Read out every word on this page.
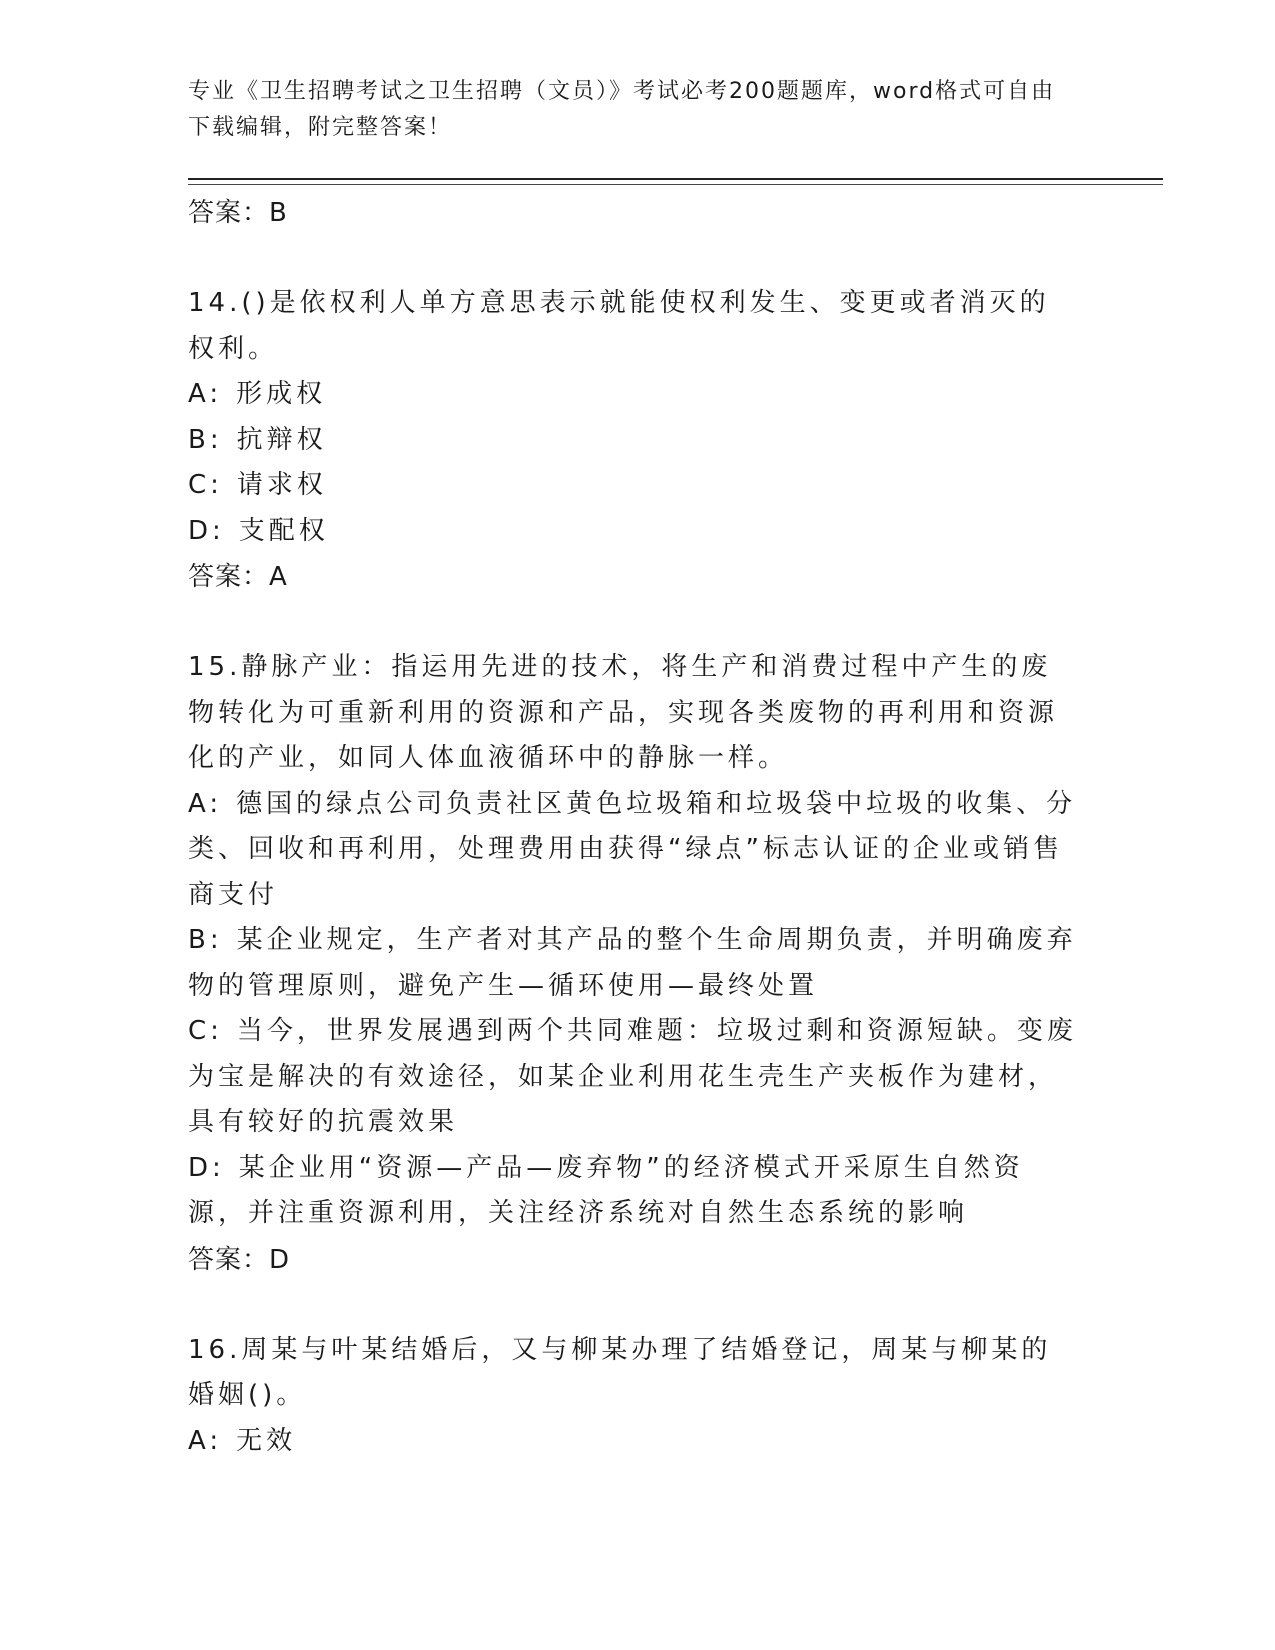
专业《卫生招聘考试之卫生招聘（文员）》考试必考200题题库，word格式可自由下载编辑，附完整答案！

答案：B

14.()是依权利人单方意思表示就能使权利发生、变更或者消灭的权利。

A: 形成权

B: 抗辩权

C: 请求权

D: 支配权

答案：A

15.静脉产业：指运用先进的技术，将生产和消费过程中产生的废物转化为可重新利用的资源和产品，实现各类废物的再利用和资源化的产业，如同人体血液循环中的静脉一样。

A: 德国的绿点公司负责社区黄色垃圾箱和垃圾袋中垃圾的收集、分类、回收和再利用，处理费用由获得“绿点”标志认证的企业或销售商支付

B: 某企业规定，生产者对其产品的整个生命周期负责，并明确废弃物的管理原则，避免产生—循环使用—最终处置

C: 当今，世界发展遇到两个共同难题：垃圾过剩和资源短缺。变废为宝是解决的有效途径，如某企业利用花生壳生产夹板作为建材，具有较好的抗震效果

D: 某企业用“资源—产品—废弃物”的经济模式开采原生自然资源，并注重资源利用，关注经济系统对自然生态系统的影响

答案：D

16.周某与叶某结婚后，又与柳某办理了结婚登记，周某与柳某的婚姻()。

A: 无效
